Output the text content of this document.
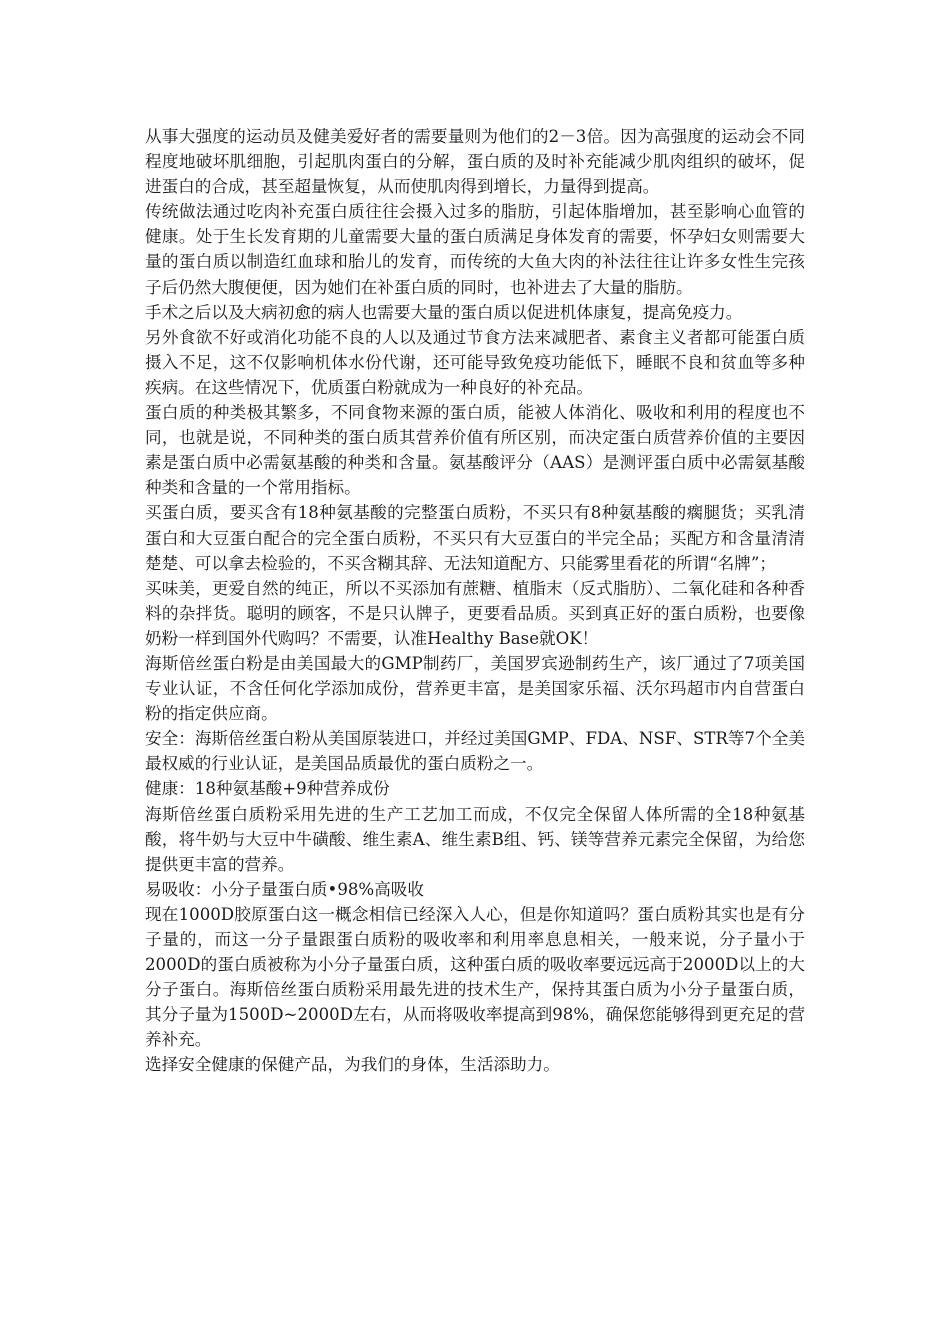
从事大强度的运动员及健美爱好者的需要量则为他们的2－3倍。因为高强度的运动会不同程度地破坏肌细胞，引起肌肉蛋白的分解，蛋白质的及时补充能减少肌肉组织的破坏，促进蛋白的合成，甚至超量恢复，从而使肌肉得到增长，力量得到提高。

传统做法通过吃肉补充蛋白质往往会摄入过多的脂肪，引起体脂增加，甚至影响心血管的健康。处于生长发育期的儿童需要大量的蛋白质满足身体发育的需要，怀孕妇女则需要大量的蛋白质以制造红血球和胎儿的发育，而传统的大鱼大肉的补法往往让许多女性生完孩子后仍然大腹便便，因为她们在补蛋白质的同时，也补进去了大量的脂肪。

手术之后以及大病初愈的病人也需要大量的蛋白质以促进机体康复，提高免疫力。

另外食欲不好或消化功能不良的人以及通过节食方法来减肥者、素食主义者都可能蛋白质摄入不足，这不仅影响机体水份代谢，还可能导致免疫功能低下，睡眠不良和贫血等多种疾病。在这些情况下，优质蛋白粉就成为一种良好的补充品。

蛋白质的种类极其繁多，不同食物来源的蛋白质，能被人体消化、吸收和利用的程度也不同，也就是说，不同种类的蛋白质其营养价值有所区别，而决定蛋白质营养价值的主要因素是蛋白质中必需氨基酸的种类和含量。氨基酸评分（AAS）是测评蛋白质中必需氨基酸种类和含量的一个常用指标。

买蛋白质，要买含有18种氨基酸的完整蛋白质粉，不买只有8种氨基酸的瘸腿货；买乳清蛋白和大豆蛋白配合的完全蛋白质粉，不买只有大豆蛋白的半完全品；买配方和含量清清楚楚、可以拿去检验的，不买含糊其辞、无法知道配方、只能雾里看花的所谓“名牌”；

买味美，更爱自然的纯正，所以不买添加有蔗糖、植脂末（反式脂肪）、二氧化硅和各种香料的杂拌货。聪明的顾客，不是只认牌子，更要看品质。买到真正好的蛋白质粉，也要像奶粉一样到国外代购吗？不需要，认准Healthy Base就OK！

海斯倍丝蛋白粉是由美国最大的GMP制药厂，美国罗宾逊制药生产，该厂通过了7项美国专业认证，不含任何化学添加成份，营养更丰富，是美国家乐福、沃尔玛超市内自营蛋白粉的指定供应商。

安全：海斯倍丝蛋白粉从美国原装进口，并经过美国GMP、FDA、NSF、STR等7个全美最权威的行业认证，是美国品质最优的蛋白质粉之一。

健康：18种氨基酸+9种营养成份

海斯倍丝蛋白质粉采用先进的生产工艺加工而成，不仅完全保留人体所需的全18种氨基酸，将牛奶与大豆中牛磺酸、维生素A、维生素B组、钙、镁等营养元素完全保留，为给您提供更丰富的营养。

易吸收：小分子量蛋白质•98%高吸收

现在1000D胶原蛋白这一概念相信已经深入人心，但是你知道吗？蛋白质粉其实也是有分子量的，而这一分子量跟蛋白质粉的吸收率和利用率息息相关，一般来说，分子量小于2000D的蛋白质被称为小分子量蛋白质，这种蛋白质的吸收率要远远高于2000D以上的大分子蛋白。海斯倍丝蛋白质粉采用最先进的技术生产，保持其蛋白质为小分子量蛋白质，其分子量为1500D~2000D左右，从而将吸收率提高到98%，确保您能够得到更充足的营养补充。

选择安全健康的保健产品，为我们的身体，生活添助力。
